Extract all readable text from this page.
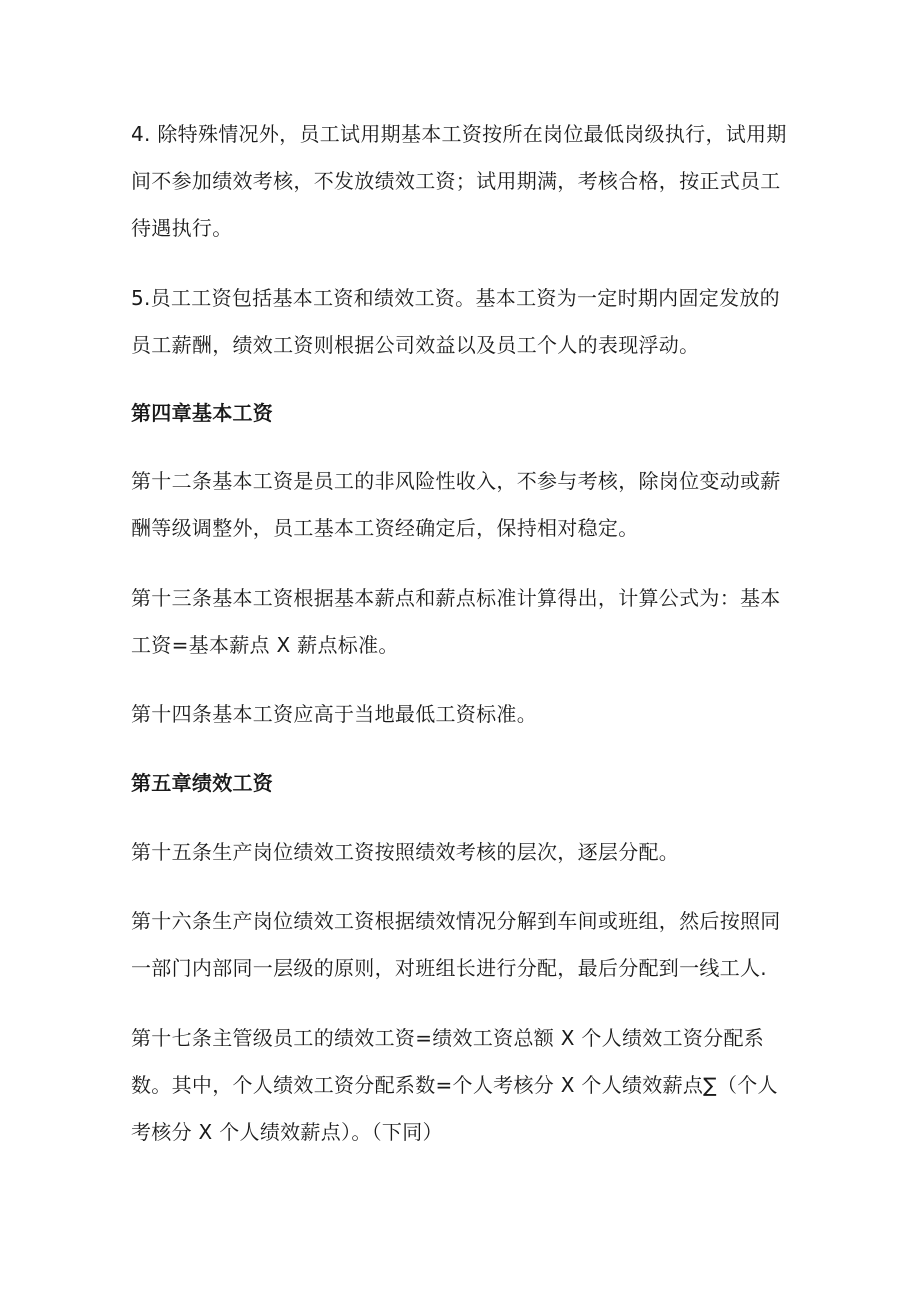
4. 除特殊情况外，员工试用期基本工资按所在岗位最低岗级执行，试用期间不参加绩效考核，不发放绩效工资；试用期满，考核合格，按正式员工待遇执行。

5.员工工资包括基本工资和绩效工资。基本工资为一定时期内固定发放的员工薪酬，绩效工资则根据公司效益以及员工个人的表现浮动。

第四章基本工资

第十二条基本工资是员工的非风险性收入，不参与考核，除岗位变动或薪酬等级调整外，员工基本工资经确定后，保持相对稳定。

第十三条基本工资根据基本薪点和薪点标准计算得出，计算公式为：基本工资=基本薪点 X 薪点标准。

第十四条基本工资应高于当地最低工资标准。

第五章绩效工资

第十五条生产岗位绩效工资按照绩效考核的层次，逐层分配。

第十六条生产岗位绩效工资根据绩效情况分解到车间或班组，然后按照同一部门内部同一层级的原则，对班组长进行分配，最后分配到一线工人.

第十七条主管级员工的绩效工资=绩效工资总额 X 个人绩效工资分配系数。其中，个人绩效工资分配系数=个人考核分 X 个人绩效薪点∑（个人考核分 X 个人绩效薪点）。（下同）
